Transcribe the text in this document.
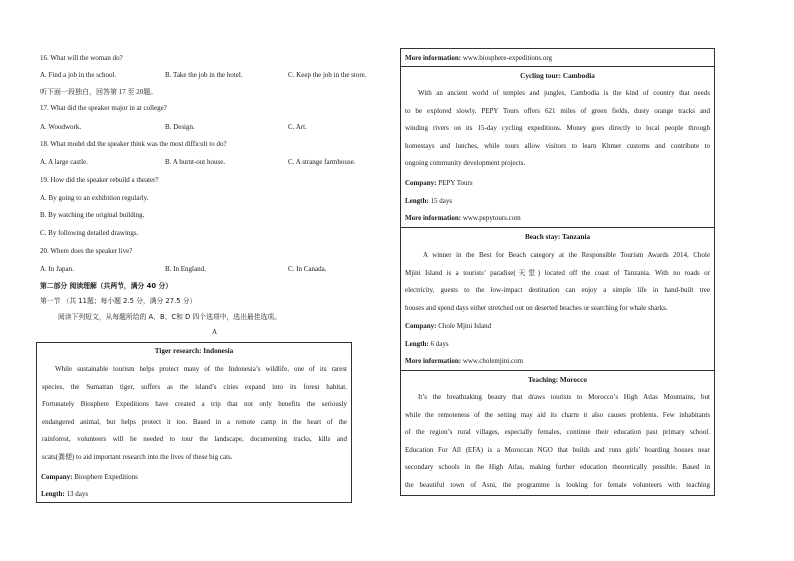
16. What will the woman do?
A. Find a job in the school.	B. Take the job in the hotel.	C. Keep the job in the store.
听下面一段独白，回答第 17 至 20题。
17. What did the speaker major in at college?
A. Woodwork.	B. Design.	C. Art.
18. What model did the speaker think was the most difficult to do?
A. A large castle.	B. A burnt-out house.	C. A strange farmhouse.
19. How did the speaker rebuild a theater?
A. By going to an exhibition regularly.
B. By watching the original building.
C. By following detailed drawings.
20. Where does the speaker live?
A. In Japan.	B. In England.	C. In Canada.
第二部分 阅读理解（共两节，满分 40 分）
第一节 （共 11题；每小题 2.5 分，满分 27.5 分）
阅读下列短文，从每题所给的 A、B、C和 D 四个选项中，选出最佳选项。
A
Tiger research: Indonesia
While sustainable tourism helps protect many of the Indonesia’s wildlife, one of its rarest
species, the Sumatran tiger, suffers as the island’s cities expand into its forest habitat.
Fortunately Biosphere Expeditions have created a trip that not only benefits the seriously
endangered animal, but helps protect it too. Based in a remote camp in the heart of the
rainforest, volunteers will be needed to tour the landscape, documenting tracks, kills and
scats(粪便) to aid important research into the lives of these big cats.
Company: Biosphere Expeditions
Length: 13 days
More information: www.biosphere-expeditions.org
Cycling tour: Cambodia
With an ancient world of temples and jungles, Cambodia is the kind of country that needs
to be explored slowly. PEPY Tours offers 621 miles of green fields, dusty orange tracks and
winding rivers on its 15-day cycling expeditions. Money goes directly to local people through
homestays and lunches, while tours allow visitors to learn Khmer customs and contribute to
ongoing community development projects.
Company: PEPY Tours
Length: 15 days
More information: www.pepytours.com
Beach stay: Tanzania
A winner in the Best for Beach category at the Responsible Tourism Awards 2014, Chole
Mjini Island is a tourists’ paradise(天堂) located off the coast of Tanzania. With no roads or
electricity, guests to the low-impact destination can enjoy a simple life in hand-built tree
houses and spend days either stretched out on deserted beaches or searching for whale sharks.
Company: Chole Mjini Island
Length: 6 days
More information: www.cholemjini.com
Teaching: Morocco
It’s the breathtaking beauty that draws tourists to Morocco’s High Atlas Mountains, but
while the remoteness of the setting may aid its charm it also causes problems. Few inhabitants
of the region’s rural villages, especially females, continue their education past primary school.
Education For All (EFA) is a Moroccan NGO that builds and runs girls’ boarding houses near
secondary schools in the High Atlas, making further education theoretically possible. Based in
the beautiful town of Asni, the programme is looking for female volunteers with teaching
